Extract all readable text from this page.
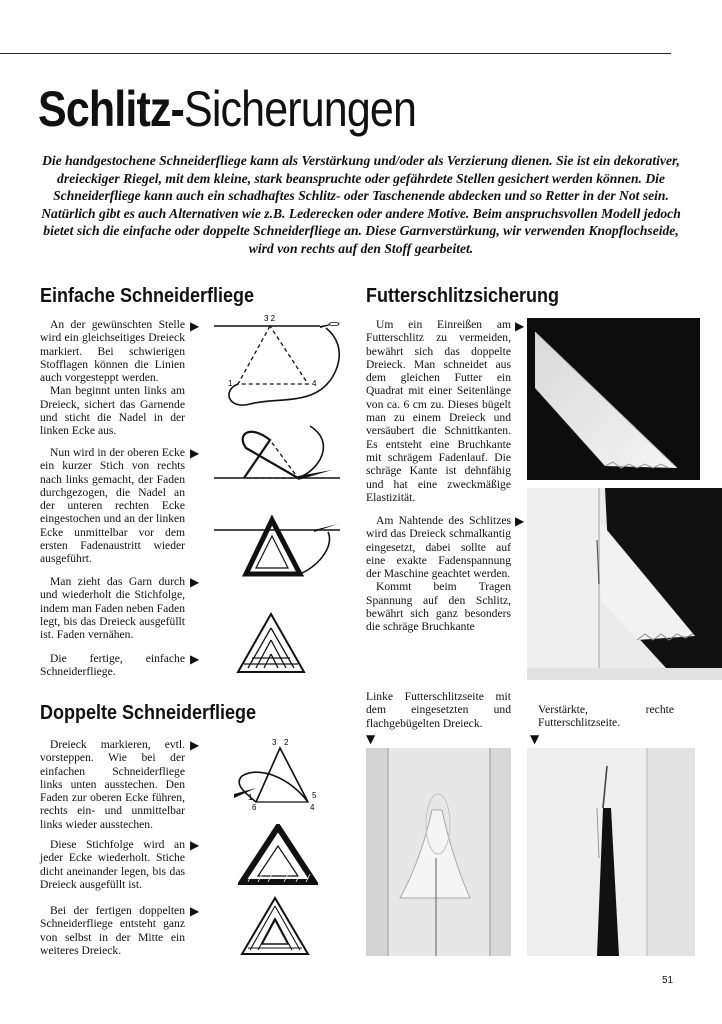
Schlitz-Sicherungen
Die handgestochene Schneiderfliege kann als Verstärkung und/oder als Verzierung dienen. Sie ist ein dekorativer, dreieckiger Riegel, mit dem kleine, stark beanspruchte oder gefährdete Stellen gesichert werden können. Die Schneiderfliege kann auch ein schadhaftes Schlitz- oder Taschenende abdecken und so Retter in der Not sein. Natürlich gibt es auch Alternativen wie z.B. Lederecken oder andere Motive. Beim anspruchsvollen Modell jedoch bietet sich die einfache oder doppelte Schneiderfliege an. Diese Garnverstärkung, wir verwenden Knopflochseide, wird von rechts auf den Stoff gearbeitet.
Einfache Schneiderfliege

An der gewünschten Stelle wird ein gleichseitiges Dreieck markiert. Bei schwierigen Stofflagen können die Linien auch vorgesteppt werden.

Man beginnt unten links am Dreieck, sichert das Garnende und sticht die Nadel in der linken Ecke aus.

▶

Nun wird in der oberen Ecke ein kurzer Stich von rechts nach links gemacht, der Faden durchgezogen, die Nadel an der unteren rechten Ecke eingestochen und an der linken Ecke unmittelbar vor dem ersten Fadenaustritt wieder ausgeführt.

▶

Man zieht das Garn durch und wiederholt die Stichfolge, indem man Faden neben Faden legt, bis das Dreieck ausgefüllt ist. Faden vernähen.

▶

Die fertige, einfache Schneiderfliege.

▶
3 2
1	4
Doppelte Schneiderfliege

Dreieck markieren, evtl. vorsteppen. Wie bei der einfachen Schneiderfliege links unten ausstechen. Den Faden zur oberen Ecke führen, rechts ein- und unmittelbar links wieder ausstechen.

▶

Diese Stichfolge wird an jeder Ecke wiederholt. Stiche dicht aneinander legen, bis das Dreieck ausgefüllt ist.

▶

Bei der fertigen doppelten Schneiderfliege entsteht ganz von selbst in der Mitte ein weiteres Dreieck.

▶
3 2
1
6
5
4
Futterschlitzsicherung

Um ein Einreißen am Futterschlitz zu vermeiden, bewährt sich das doppelte Dreieck. Man schneidet aus dem gleichen Futter ein Quadrat mit einer Seitenlänge von ca. 6 cm zu. Dieses bügelt man zu einem Dreieck und versäubert die Schnittkanten. Es entsteht eine Bruchkante mit schrägem Fadenlauf. Die schräge Kante ist dehnfähig und hat eine zweckmäßige Elastizität.

▶

Am Nahtende des Schlitzes wird das Dreieck schmalkantig eingesetzt, dabei sollte auf eine exakte Fadenspannung der Maschine geachtet werden.

Kommt beim Tragen Spannung auf den Schlitz, bewährt sich ganz besonders die schräge Bruchkante

▶
Linke Futterschlitzseite mit dem eingesetzten und flachgebügelten Dreieck.
Verstärkte, rechte Futterschlitzseite.
▼	▼
51
